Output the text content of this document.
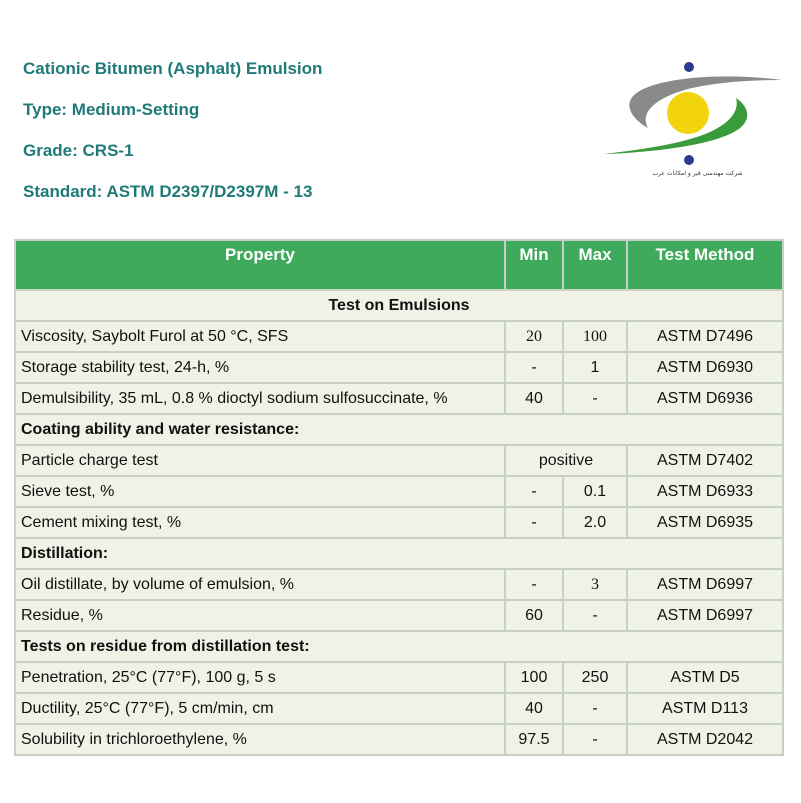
Cationic Bitumen (Asphalt) Emulsion
Type: Medium-Setting
Grade: CRS-1
Standard: ASTM D2397/D2397M - 13
شرکت مهندسی قیر و امکانات عرب
Property	Min	Max	Test Method
Test on Emulsions			
Viscosity, Saybolt Furol at 50 °C, SFS	20	100	ASTM D7496
Storage stability test, 24-h, %	-	1	ASTM D6930
Demulsibility, 35 mL, 0.8 % dioctyl sodium sulfosuccinate, %	40	-	ASTM D6936
Coating ability and water resistance:			
Particle charge test	positive		ASTM D7402
Sieve test, %	-	0.1	ASTM D6933
Cement mixing test, %	-	2.0	ASTM D6935
Distillation:			
Oil distillate, by volume of emulsion, %	-	3	ASTM D6997
Residue, %	60	-	ASTM D6997
Tests on residue from distillation test:			
Penetration, 25°C (77°F), 100 g, 5 s	100	250	ASTM D5
Ductility, 25°C (77°F), 5 cm/min, cm	40	-	ASTM D113
Solubility in trichloroethylene, %	97.5	-	ASTM D2042
